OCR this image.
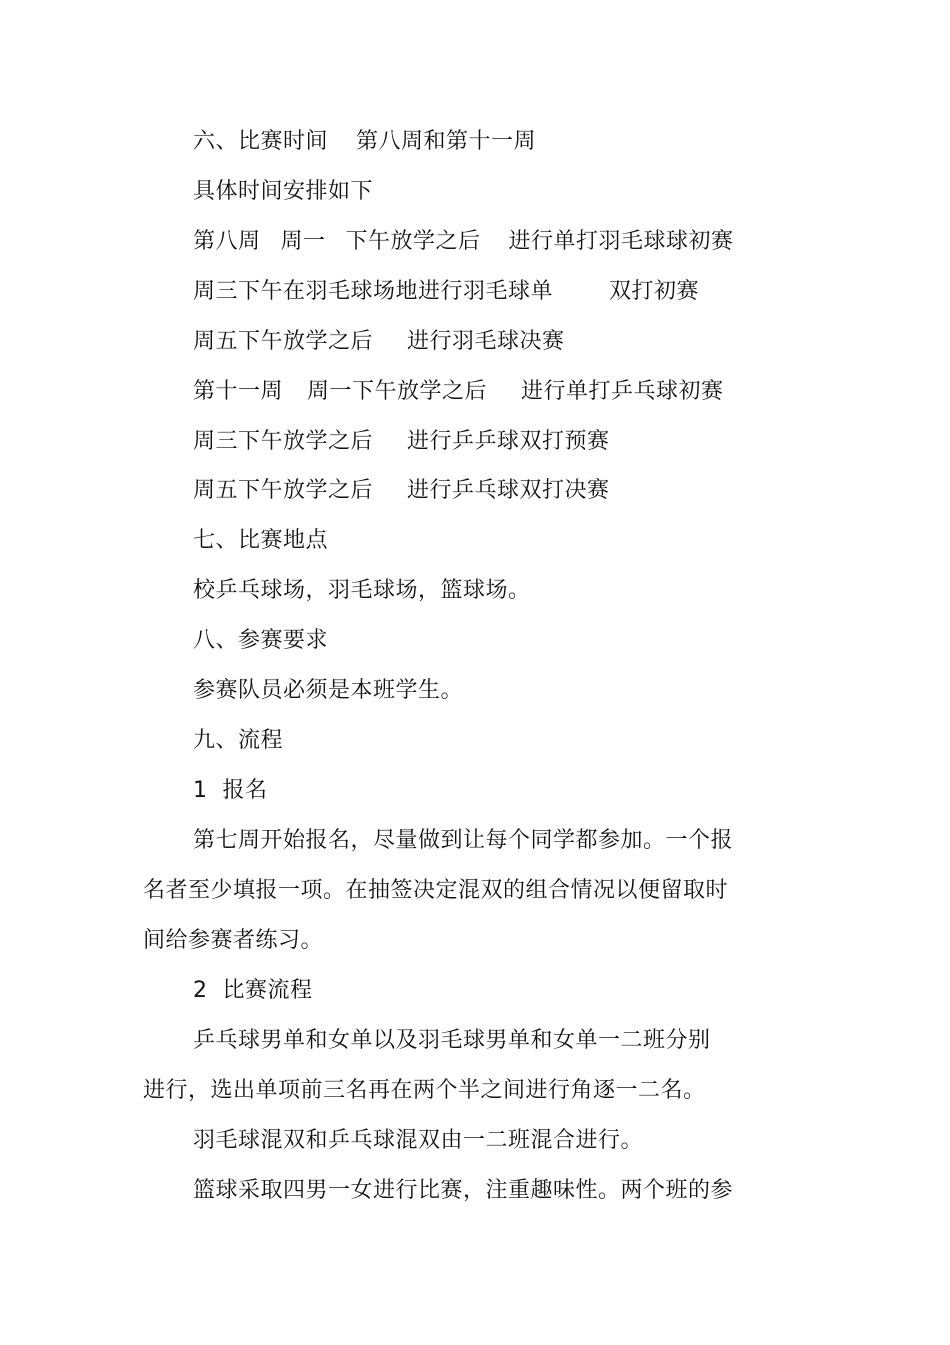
六、比赛时间 第八周和第十一周
具体时间安排如下
第八周 周一 下午放学之后 进行单打羽毛球球初赛
周三下午在羽毛球场地进行羽毛球单	双打初赛
周五下午放学之后 进行羽毛球决赛
第十一周 周一下午放学之后 进行单打乒乓球初赛
周三下午放学之后 进行乒乒球双打预赛
周五下午放学之后 进行乒乓球双打决赛
七、比赛地点
校乒乓球场，羽毛球场，篮球场。
八、参赛要求
参赛队员必须是本班学生。
九、流程
1  报名
第七周开始报名，尽量做到让每个同学都参加。一个报
名者至少填报一项。在抽签决定混双的组合情况以便留取时
间给参赛者练习。
2  比赛流程
乒乓球男单和女单以及羽毛球男单和女单一二班分别
进行，选出单项前三名再在两个半之间进行角逐一二名。
羽毛球混双和乒乓球混双由一二班混合进行。
篮球采取四男一女进行比赛，注重趣味性。两个班的参
